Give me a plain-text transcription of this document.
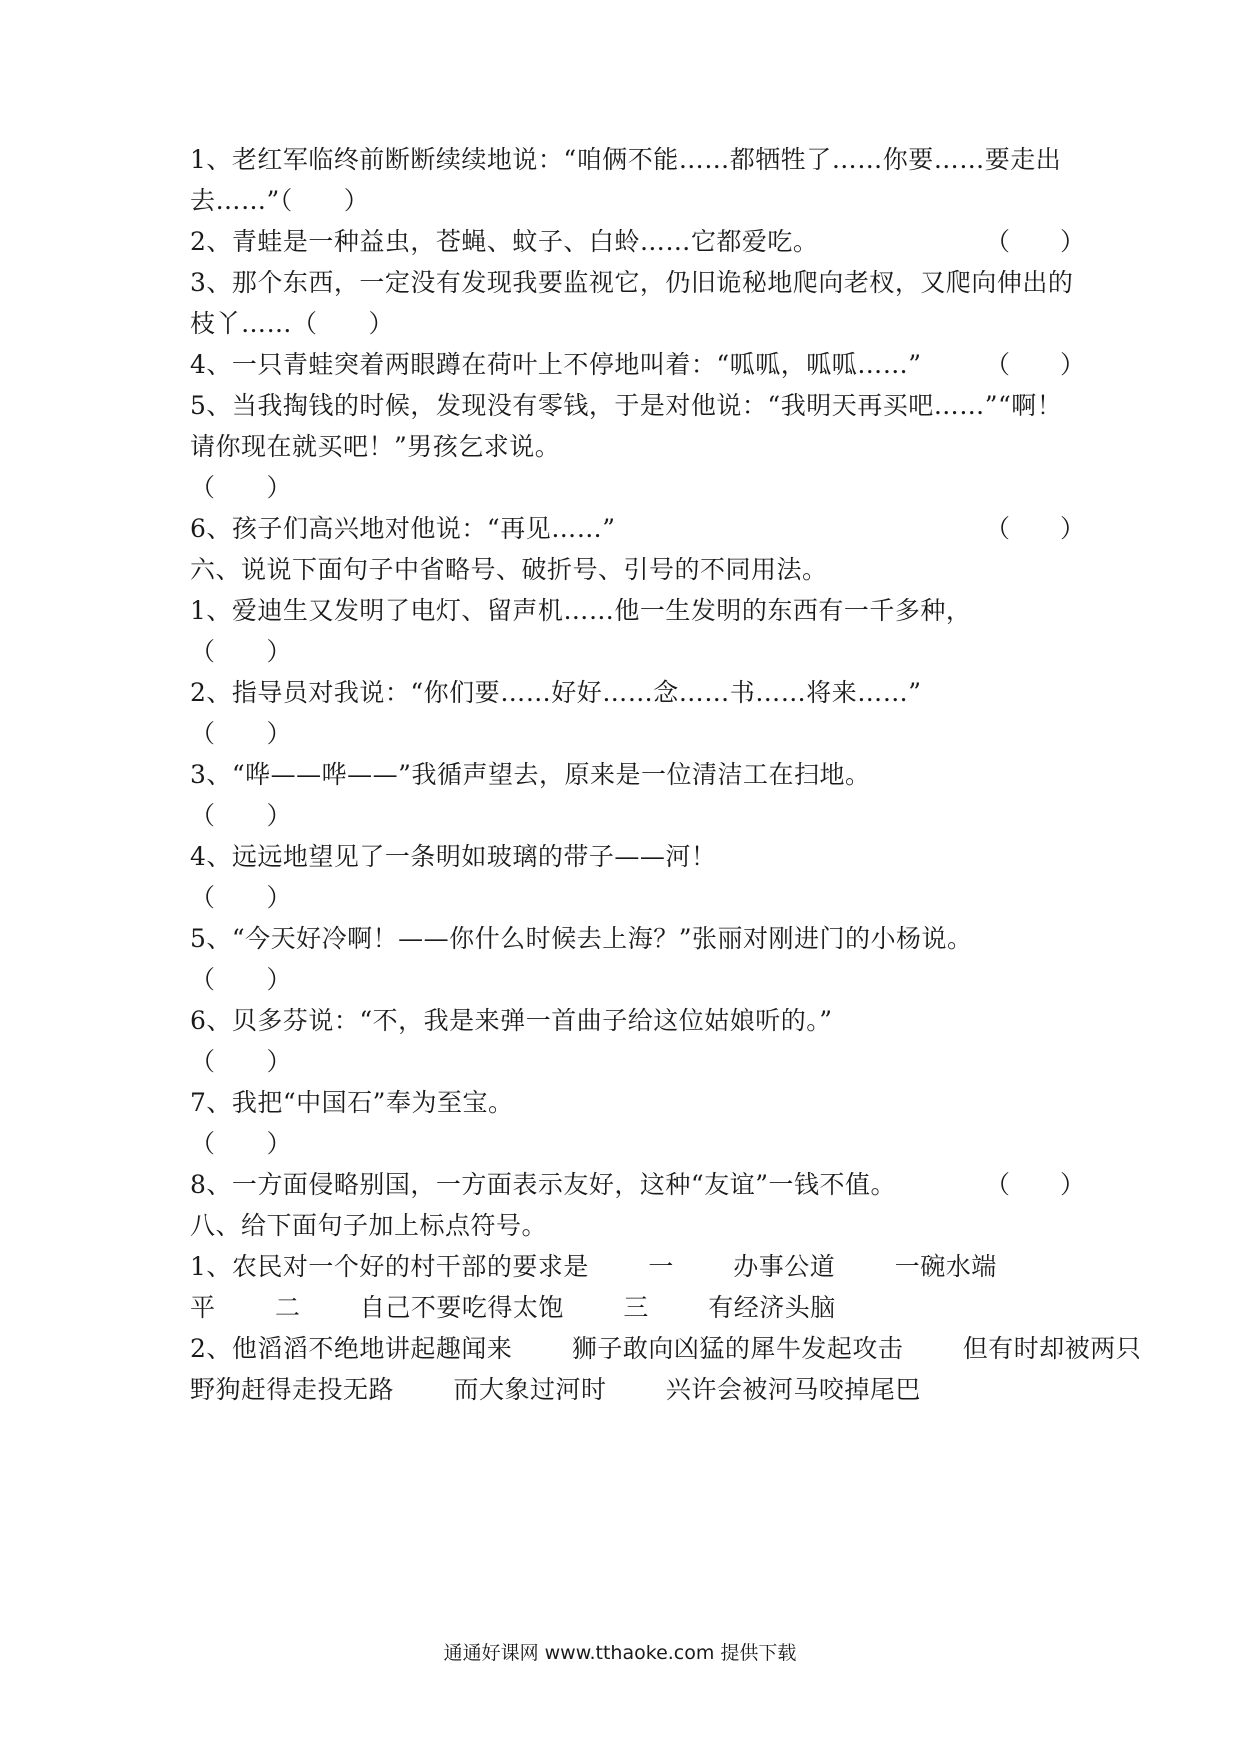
1、老红军临终前断断续续地说：“咱俩不能……都牺牲了……你要……要走出
去……”（　　）
2、青蛙是一种益虫，苍蝇、蚊子、白蛉……它都爱吃。	（　　）
3、那个东西，一定没有发现我要监视它，仍旧诡秘地爬向老杈，又爬向伸出的
枝丫……（　　）
4、一只青蛙突着两眼蹲在荷叶上不停地叫着：“呱呱，呱呱……”	（　　）
5、当我掏钱的时候，发现没有零钱，于是对他说：“我明天再买吧……”“啊！
请你现在就买吧！”男孩乞求说。
（　　）
6、孩子们高兴地对他说：“再见……”	（　　）
六、说说下面句子中省略号、破折号、引号的不同用法。
1、爱迪生又发明了电灯、留声机……他一生发明的东西有一千多种，
（　　）
2、指导员对我说：“你们要……好好……念……书……将来……”
（　　）
3、“哗——哗——”我循声望去，原来是一位清洁工在扫地。
（　　）
4、远远地望见了一条明如玻璃的带子——河！
（　　）
5、“今天好冷啊！——你什么时候去上海？”张丽对刚进门的小杨说。
（　　）
6、贝多芬说：“不，我是来弹一首曲子给这位姑娘听的。”
（　　）
7、我把“中国石”奉为至宝。
（　　）
8、一方面侵略别国，一方面表示友好，这种“友谊”一钱不值。	（　　）
八、给下面句子加上标点符号。
1、农民对一个好的村干部的要求是　　 一　　 办事公道　　 一碗水端
平　　 二　　 自己不要吃得太饱　　 三　　 有经济头脑
2、他滔滔不绝地讲起趣闻来　　 狮子敢向凶猛的犀牛发起攻击　　 但有时却被两只
野狗赶得走投无路　　 而大象过河时　　 兴许会被河马咬掉尾巴
通通好课网 www.tthaoke.com 提供下载
